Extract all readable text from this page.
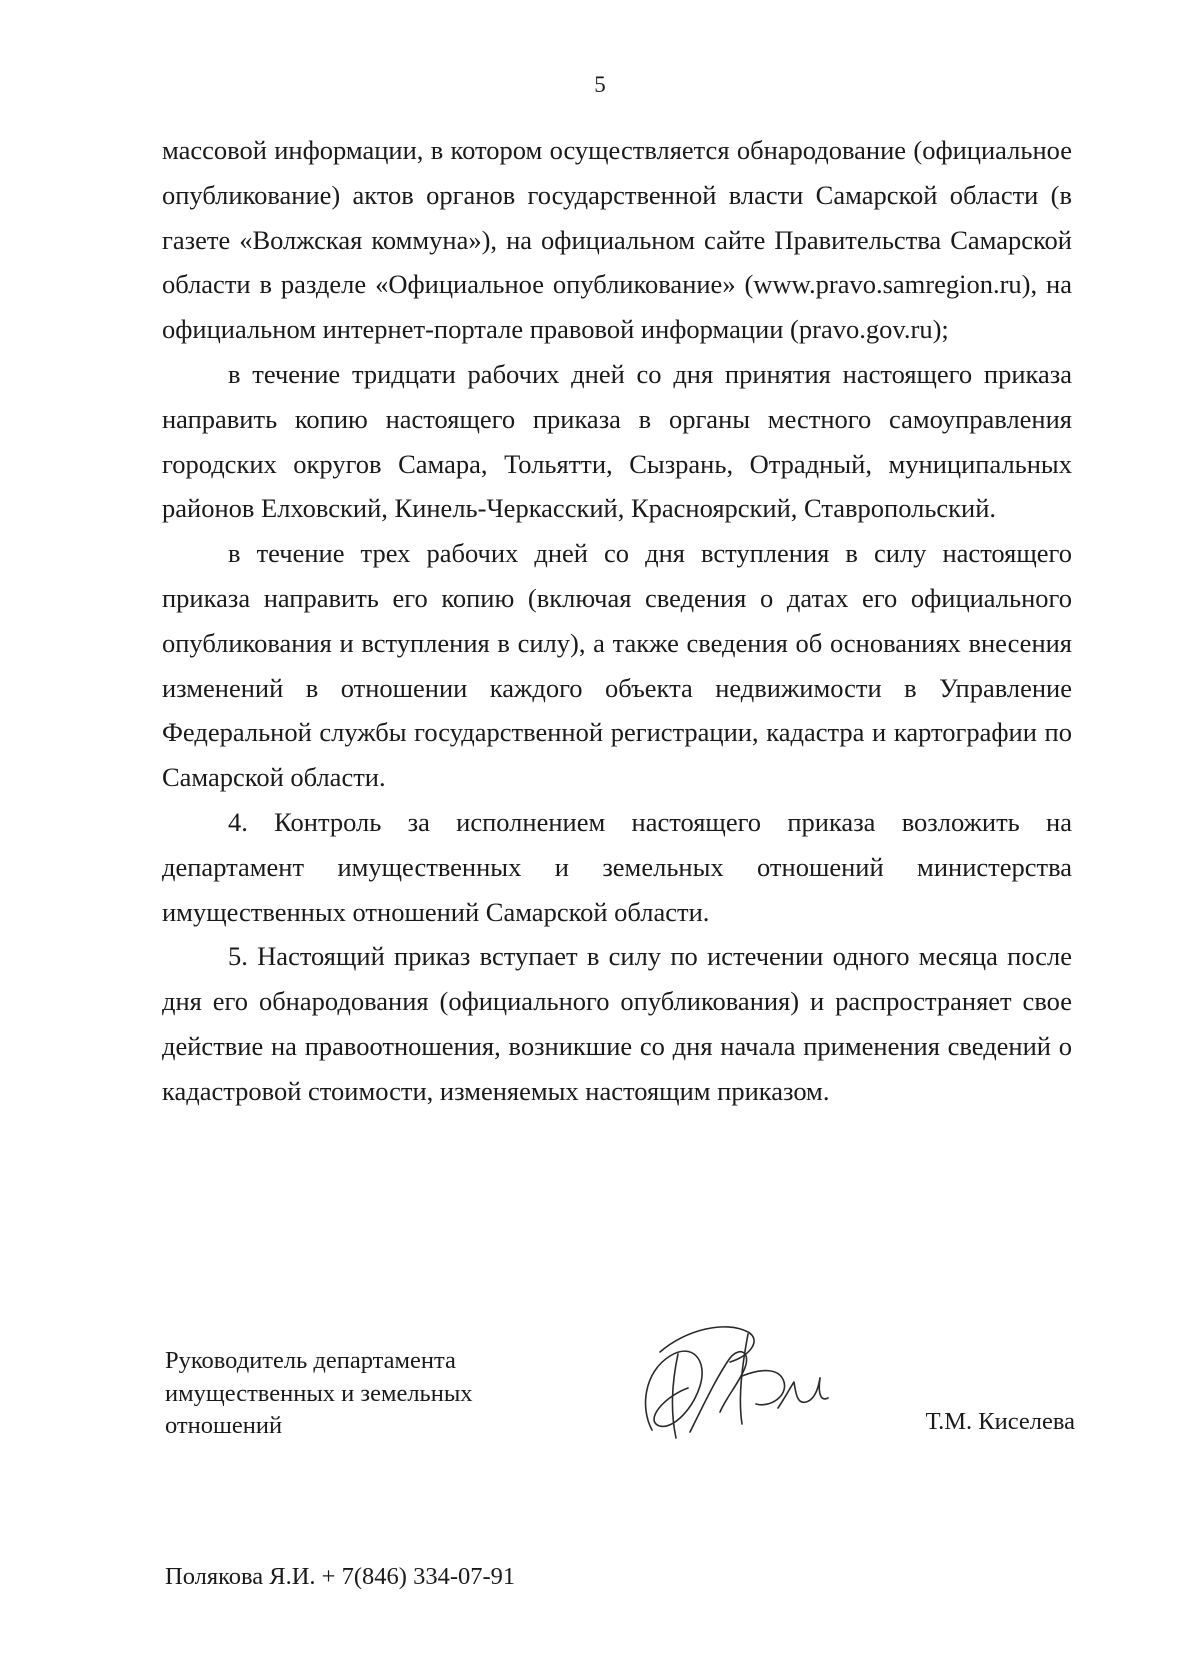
5

массовой информации, в котором осуществляется обнародование (официальное опубликование) актов органов государственной власти Самарской области (в газете «Волжская коммуна»), на официальном сайте Правительства Самарской области в разделе «Официальное опубликование» (www.pravo.samregion.ru), на официальном интернет-портале правовой информации (pravo.gov.ru);

в течение тридцати рабочих дней со дня принятия настоящего приказа направить копию настоящего приказа в органы местного самоуправления городских округов Самара, Тольятти, Сызрань, Отрадный, муниципальных районов Елховский, Кинель-Черкасский, Красноярский, Ставропольский.

в течение трех рабочих дней со дня вступления в силу настоящего приказа направить его копию (включая сведения о датах его официального опубликования и вступления в силу), а также сведения об основаниях внесения изменений в отношении каждого объекта недвижимости в Управление Федеральной службы государственной регистрации, кадастра и картографии по Самарской области.

4. Контроль за исполнением настоящего приказа возложить на департамент имущественных и земельных отношений министерства имущественных отношений Самарской области.

5. Настоящий приказ вступает в силу по истечении одного месяца после дня его обнародования (официального опубликования) и распространяет свое действие на правоотношения, возникшие со дня начала применения сведений о кадастровой стоимости, изменяемых настоящим приказом.

Руководитель департамента
имущественных и земельных
отношений	Т.М. Киселева
Полякова Я.И. + 7(846) 334-07-91
